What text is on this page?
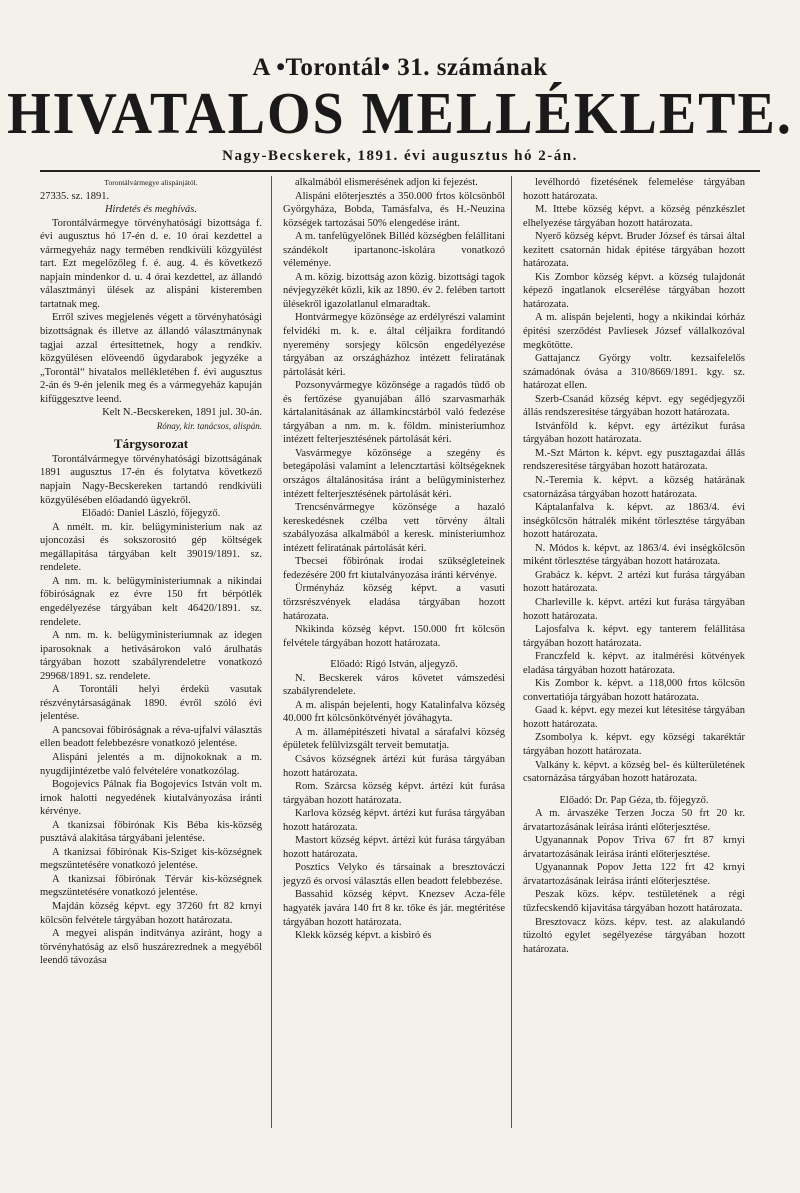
A •Torontál• 31. számának
HIVATALOS MELLÉKLETE.
Nagy-Becskerek, 1891. évi augusztus hó 2-án.

Torontálvármegye alispánjától.

27335. sz. 1891.

Hirdetés és meghívás.

Torontálvármegye törvényhatósági bizottsága f. évi augusztus hó 17-én d. e. 10 órai kezdettel a vármegyeház nagy termében rendkivüli közgyülést tart. Ezt megelőzőleg f. é. aug. 4. és következő napjain mindenkor d. u. 4 órai kezdettel, az állandó választmányi ülések az alispáni kisteremben tartatnak meg.

Erről szives megjelenés végett a törvényhatósági bizottságnak és illetve az állandó választmánynak tagjai azzal értesittetnek, hogy a rendkiv. közgyülésen elöveendő ügydarabok jegyzéke a „Torontál“ hivatalos mellékletében f. évi augusztus 2-án és 9-én jelenik meg és a vármegyeház kapuján kifüggesztve leend.

Kelt N.-Becskereken, 1891 jul. 30-án.

Rónay, kir. tanácsos, alispán.

Tárgysorozat

Torontálvármegye törvényhatósági bizottságának 1891 augusztus 17-én és folytatva következő napjain Nagy-Becskereken tartandó rendkivüli közgyülésében előadandó ügyekről.

Előadó: Daniel László, főjegyző.

A nmélt. m. kir. belügyministerium nak az ujoncozási és sokszorositó gép költségek megállapitása tárgyában kelt 39019/1891. sz. rendelete.

A nm. m. k. belügyministeriumnak a nikindai főbiróságnak ez évre 150 frt bérpótlék engedélyezése tárgyában kelt 46420/1891. sz. rendelete.

A nm. m. k. belügyministeriumnak az idegen iparosoknak a hetivásárokon való árulhatás tárgyában hozott szabályrendeletre vonatkozó 29968/1891. sz. rendelete.

A Torontáli helyi érdekü vasutak részvénytársaságának 1890. évről szóló évi jelentése.

A pancsovai főbiróságnak a réva-ujfalvi választás ellen beadott felebbezésre vonatkozó jelentése.

Alispáni jelentés a m. dijnokoknak a m. nyugdijintézetbe való felvételére vonatkozólag.

Bogojevics Pálnak fia Bogojevics István volt m. irnok halotti negyedének kiutalványozása iránti kérvénye.

A tkanizsai főbirónak Kis Béba kis-község pusztává alakitása tárgyábani jelentése.

A tkanizsai főbirónak Kis-Sziget kis-községnek megszüntetésére vonatkozó jelentése.

A tkanizsai főbirónak Térvár kis-községnek megszüntetésére vonatkozó jelentése.

Majdán község képvt. egy 37260 frt 82 krnyi kölcsön felvétele tárgyában hozott határozata.

A megyei alispán inditványa aziránt, hogy a törvényhatóság az első huszárezrednek a megyéből leendő távozása

alkalmából elismerésének adjon ki fejezést.

Alispáni előterjesztés a 350.000 frtos kölcsönből Györgyháza, Bobda, Tamásfalva, és H.-Neuzina községek tartozásai 50% elengedése iránt.

A m. tanfelügyelőnek Billéd községben felállitani szándékolt ipartanonc-iskolára vonatkozó véleménye.

A m. közig. bizottság azon közig. bizottsági tagok névjegyzékét közli, kik az 1890. év 2. felében tartott ülésekről igazolatlanul elmaradtak.

Hontvármegye közönsége az erdélyrészi valamint felvidéki m. k. e. által céljaikra forditandó nyeremény sorsjegy kölcsön engedélyezése tárgyában az országházhoz intézett feliratának pártolását kéri.

Pozsonyvármegye közönsége a ragadós tüdő ob és fertőzése gyanujában álló szarvasmarhák kártalanitásának az államkincstárból való fedezése tárgyában a nm. m. k. földm. ministeriumhoz intézett felterjesztésének pártolását kéri.

Vasvármegye közönsége a szegény és betegápolási valamint a lelencztartási költségeknek országos általánositása iránt a belügyministerhez intézett felterjesztésének pártolását kéri.

Trencsénvármegye közönsége a hazaló kereskedésnek czélba vett törvény általi szabályozása alkalmából a keresk. ministeriumhoz intézett feliratának pártolását kéri.

Tbecsei főbirónak irodai szükségleteinek fedezésére 200 frt kiutalványozása iránti kérvénye.

Ürményház község képvt. a vasuti törzsrészvények eladása tárgyában hozott határozata.

Nkikinda község képvt. 150.000 frt kölcsön felvétele tárgyában hozott határozata.

Előadó: Rigó István, aljegyző.

N. Becskerek város követet vámszedési szabályrendelete.

A m. alispán bejelenti, hogy Katalinfalva község 40.000 frt kölcsönkötvényét jóváhagyta.

A m. államépitészeti hivatal a sárafalvi község épületek felülvizsgált terveit bemutatja.

Csávos községnek ártézi kút furása tárgyában hozott határozata.

Rom. Szárcsa község képvt. ártézi kút furása tárgyában hozott határozata.

Karlova község képvt. ártézi kut furása tárgyában hozott határozata.

Mastort község képvt. ártézi kút furása tárgyában hozott határozata.

Posztics Velyko és társainak a bresztováczi jegyző és orvosi választás ellen beadott felebbezése.

Bassahid község képvt. Knezsev Acza-féle hagyaték javára 140 frt 8 kr. tőke és jár. megtéritése tárgyában hozott határozata.

Klekk község képvt. a kisbiró és

levélhordó fizetésének felemelése tárgyában hozott határozata.

M. Ittebe község képvt. a község pénzkészlet elhelyezése tárgyában hozott határozata.

Nyerő község képvt. Bruder József és társai által kezitett csatornán hidak épitése tárgyában hozott határozata.

Kis Zombor község képvt. a község tulajdonát képező ingatlanok elcserélése tárgyában hozott határozata.

A m. alispán bejelenti, hogy a nkikindai kórház épitési szerződést Pavliesek József vállalkozóval megkötötte.

Gattajancz György voltr. kezsaifelelős számadónak óvása a 310/8669/1891. kgy. sz. határozat ellen.

Szerb-Csanád község képvt. egy segédjegyzői állás rendszeresitése tárgyában hozott határozata.

Istvánföld k. képvt. egy ártézikut furása tárgyában hozott határozata.

M.-Szt Márton k. képvt. egy pusztagazdai állás rendszeresitése tárgyában hozott határozata.

N.-Teremia k. képvt. a község határának csatornázása tárgyában hozott határozata.

Káptalanfalva k. képvt. az 1863/4. évi inségkölcsön hátralék miként törlesztése tárgyában hozott határozata.

N. Módos k. képvt. az 1863/4. évi inségkölcsön miként törlesztése tárgyában hozott határozata.

Grabácz k. képvt. 2 artézi kut furása tárgyában hozott határozata.

Charleville k. képvt. artézi kut furása tárgyában hozott határozata.

Lajosfalva k. képvt. egy tanterem felállitása tárgyában hozott határozata.

Franczfeld k. képvt. az italmérési kötvények eladása tárgyában hozott határozata.

Kis Zombor k. képvt. a 118,000 frtos kölcsön convertatiója tárgyában hozott határozata.

Gaad k. képvt. egy mezei kut létesitése tárgyában hozott határozata.

Zsombolya k. képvt. egy községi takaréktár tárgyában hozott határozata.

Valkány k. képvt. a község bel- és külterületének csatornázása tárgyában hozott határozata.

Előadó: Dr. Pap Géza, tb. főjegyző.

A m. árvaszéke Terzen Jocza 50 frt 20 kr. árvatartozásának leirása iránti előterjesztése.

Ugyanannak Popov Triva 67 frt 87 krnyi árvatartozásának leirása iránti előterjesztése.

Ugyanannak Popov Jetta 122 frt 42 krnyi árvatartozásának leirása iránti előterjesztése.

Peszak közs. képv. testületének a régi tűzfecskendő kijavitása tárgyában hozott határozata.

Bresztovacz közs. képv. test. az alakulandó tüzoltó egylet segélyezése tárgyában hozott határozata.
